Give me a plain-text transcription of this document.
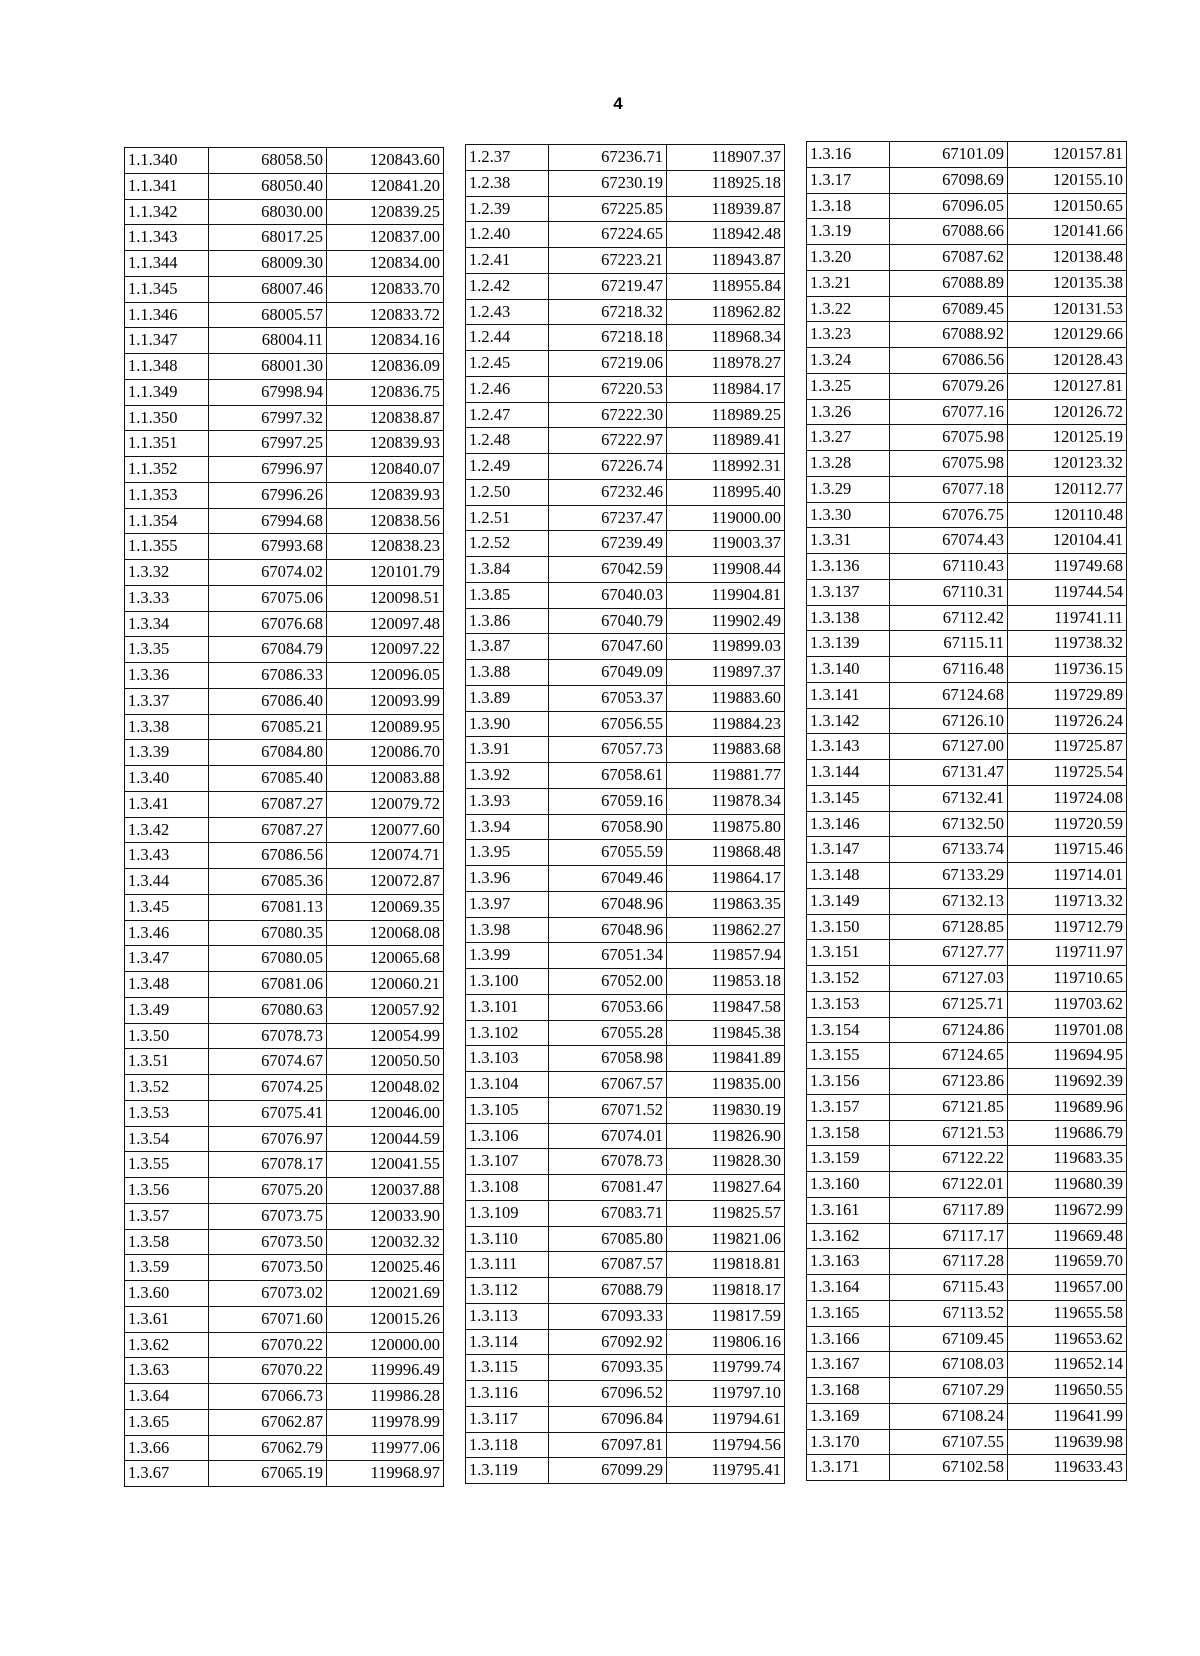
4
1.1.340	68058.50	120843.60
1.1.341	68050.40	120841.20
1.1.342	68030.00	120839.25
1.1.343	68017.25	120837.00
1.1.344	68009.30	120834.00
1.1.345	68007.46	120833.70
1.1.346	68005.57	120833.72
1.1.347	68004.11	120834.16
1.1.348	68001.30	120836.09
1.1.349	67998.94	120836.75
1.1.350	67997.32	120838.87
1.1.351	67997.25	120839.93
1.1.352	67996.97	120840.07
1.1.353	67996.26	120839.93
1.1.354	67994.68	120838.56
1.1.355	67993.68	120838.23
1.3.32	67074.02	120101.79
1.3.33	67075.06	120098.51
1.3.34	67076.68	120097.48
1.3.35	67084.79	120097.22
1.3.36	67086.33	120096.05
1.3.37	67086.40	120093.99
1.3.38	67085.21	120089.95
1.3.39	67084.80	120086.70
1.3.40	67085.40	120083.88
1.3.41	67087.27	120079.72
1.3.42	67087.27	120077.60
1.3.43	67086.56	120074.71
1.3.44	67085.36	120072.87
1.3.45	67081.13	120069.35
1.3.46	67080.35	120068.08
1.3.47	67080.05	120065.68
1.3.48	67081.06	120060.21
1.3.49	67080.63	120057.92
1.3.50	67078.73	120054.99
1.3.51	67074.67	120050.50
1.3.52	67074.25	120048.02
1.3.53	67075.41	120046.00
1.3.54	67076.97	120044.59
1.3.55	67078.17	120041.55
1.3.56	67075.20	120037.88
1.3.57	67073.75	120033.90
1.3.58	67073.50	120032.32
1.3.59	67073.50	120025.46
1.3.60	67073.02	120021.69
1.3.61	67071.60	120015.26
1.3.62	67070.22	120000.00
1.3.63	67070.22	119996.49
1.3.64	67066.73	119986.28
1.3.65	67062.87	119978.99
1.3.66	67062.79	119977.06
1.3.67	67065.19	119968.97
1.2.37	67236.71	118907.37
1.2.38	67230.19	118925.18
1.2.39	67225.85	118939.87
1.2.40	67224.65	118942.48
1.2.41	67223.21	118943.87
1.2.42	67219.47	118955.84
1.2.43	67218.32	118962.82
1.2.44	67218.18	118968.34
1.2.45	67219.06	118978.27
1.2.46	67220.53	118984.17
1.2.47	67222.30	118989.25
1.2.48	67222.97	118989.41
1.2.49	67226.74	118992.31
1.2.50	67232.46	118995.40
1.2.51	67237.47	119000.00
1.2.52	67239.49	119003.37
1.3.84	67042.59	119908.44
1.3.85	67040.03	119904.81
1.3.86	67040.79	119902.49
1.3.87	67047.60	119899.03
1.3.88	67049.09	119897.37
1.3.89	67053.37	119883.60
1.3.90	67056.55	119884.23
1.3.91	67057.73	119883.68
1.3.92	67058.61	119881.77
1.3.93	67059.16	119878.34
1.3.94	67058.90	119875.80
1.3.95	67055.59	119868.48
1.3.96	67049.46	119864.17
1.3.97	67048.96	119863.35
1.3.98	67048.96	119862.27
1.3.99	67051.34	119857.94
1.3.100	67052.00	119853.18
1.3.101	67053.66	119847.58
1.3.102	67055.28	119845.38
1.3.103	67058.98	119841.89
1.3.104	67067.57	119835.00
1.3.105	67071.52	119830.19
1.3.106	67074.01	119826.90
1.3.107	67078.73	119828.30
1.3.108	67081.47	119827.64
1.3.109	67083.71	119825.57
1.3.110	67085.80	119821.06
1.3.111	67087.57	119818.81
1.3.112	67088.79	119818.17
1.3.113	67093.33	119817.59
1.3.114	67092.92	119806.16
1.3.115	67093.35	119799.74
1.3.116	67096.52	119797.10
1.3.117	67096.84	119794.61
1.3.118	67097.81	119794.56
1.3.119	67099.29	119795.41
1.3.16	67101.09	120157.81
1.3.17	67098.69	120155.10
1.3.18	67096.05	120150.65
1.3.19	67088.66	120141.66
1.3.20	67087.62	120138.48
1.3.21	67088.89	120135.38
1.3.22	67089.45	120131.53
1.3.23	67088.92	120129.66
1.3.24	67086.56	120128.43
1.3.25	67079.26	120127.81
1.3.26	67077.16	120126.72
1.3.27	67075.98	120125.19
1.3.28	67075.98	120123.32
1.3.29	67077.18	120112.77
1.3.30	67076.75	120110.48
1.3.31	67074.43	120104.41
1.3.136	67110.43	119749.68
1.3.137	67110.31	119744.54
1.3.138	67112.42	119741.11
1.3.139	67115.11	119738.32
1.3.140	67116.48	119736.15
1.3.141	67124.68	119729.89
1.3.142	67126.10	119726.24
1.3.143	67127.00	119725.87
1.3.144	67131.47	119725.54
1.3.145	67132.41	119724.08
1.3.146	67132.50	119720.59
1.3.147	67133.74	119715.46
1.3.148	67133.29	119714.01
1.3.149	67132.13	119713.32
1.3.150	67128.85	119712.79
1.3.151	67127.77	119711.97
1.3.152	67127.03	119710.65
1.3.153	67125.71	119703.62
1.3.154	67124.86	119701.08
1.3.155	67124.65	119694.95
1.3.156	67123.86	119692.39
1.3.157	67121.85	119689.96
1.3.158	67121.53	119686.79
1.3.159	67122.22	119683.35
1.3.160	67122.01	119680.39
1.3.161	67117.89	119672.99
1.3.162	67117.17	119669.48
1.3.163	67117.28	119659.70
1.3.164	67115.43	119657.00
1.3.165	67113.52	119655.58
1.3.166	67109.45	119653.62
1.3.167	67108.03	119652.14
1.3.168	67107.29	119650.55
1.3.169	67108.24	119641.99
1.3.170	67107.55	119639.98
1.3.171	67102.58	119633.43
